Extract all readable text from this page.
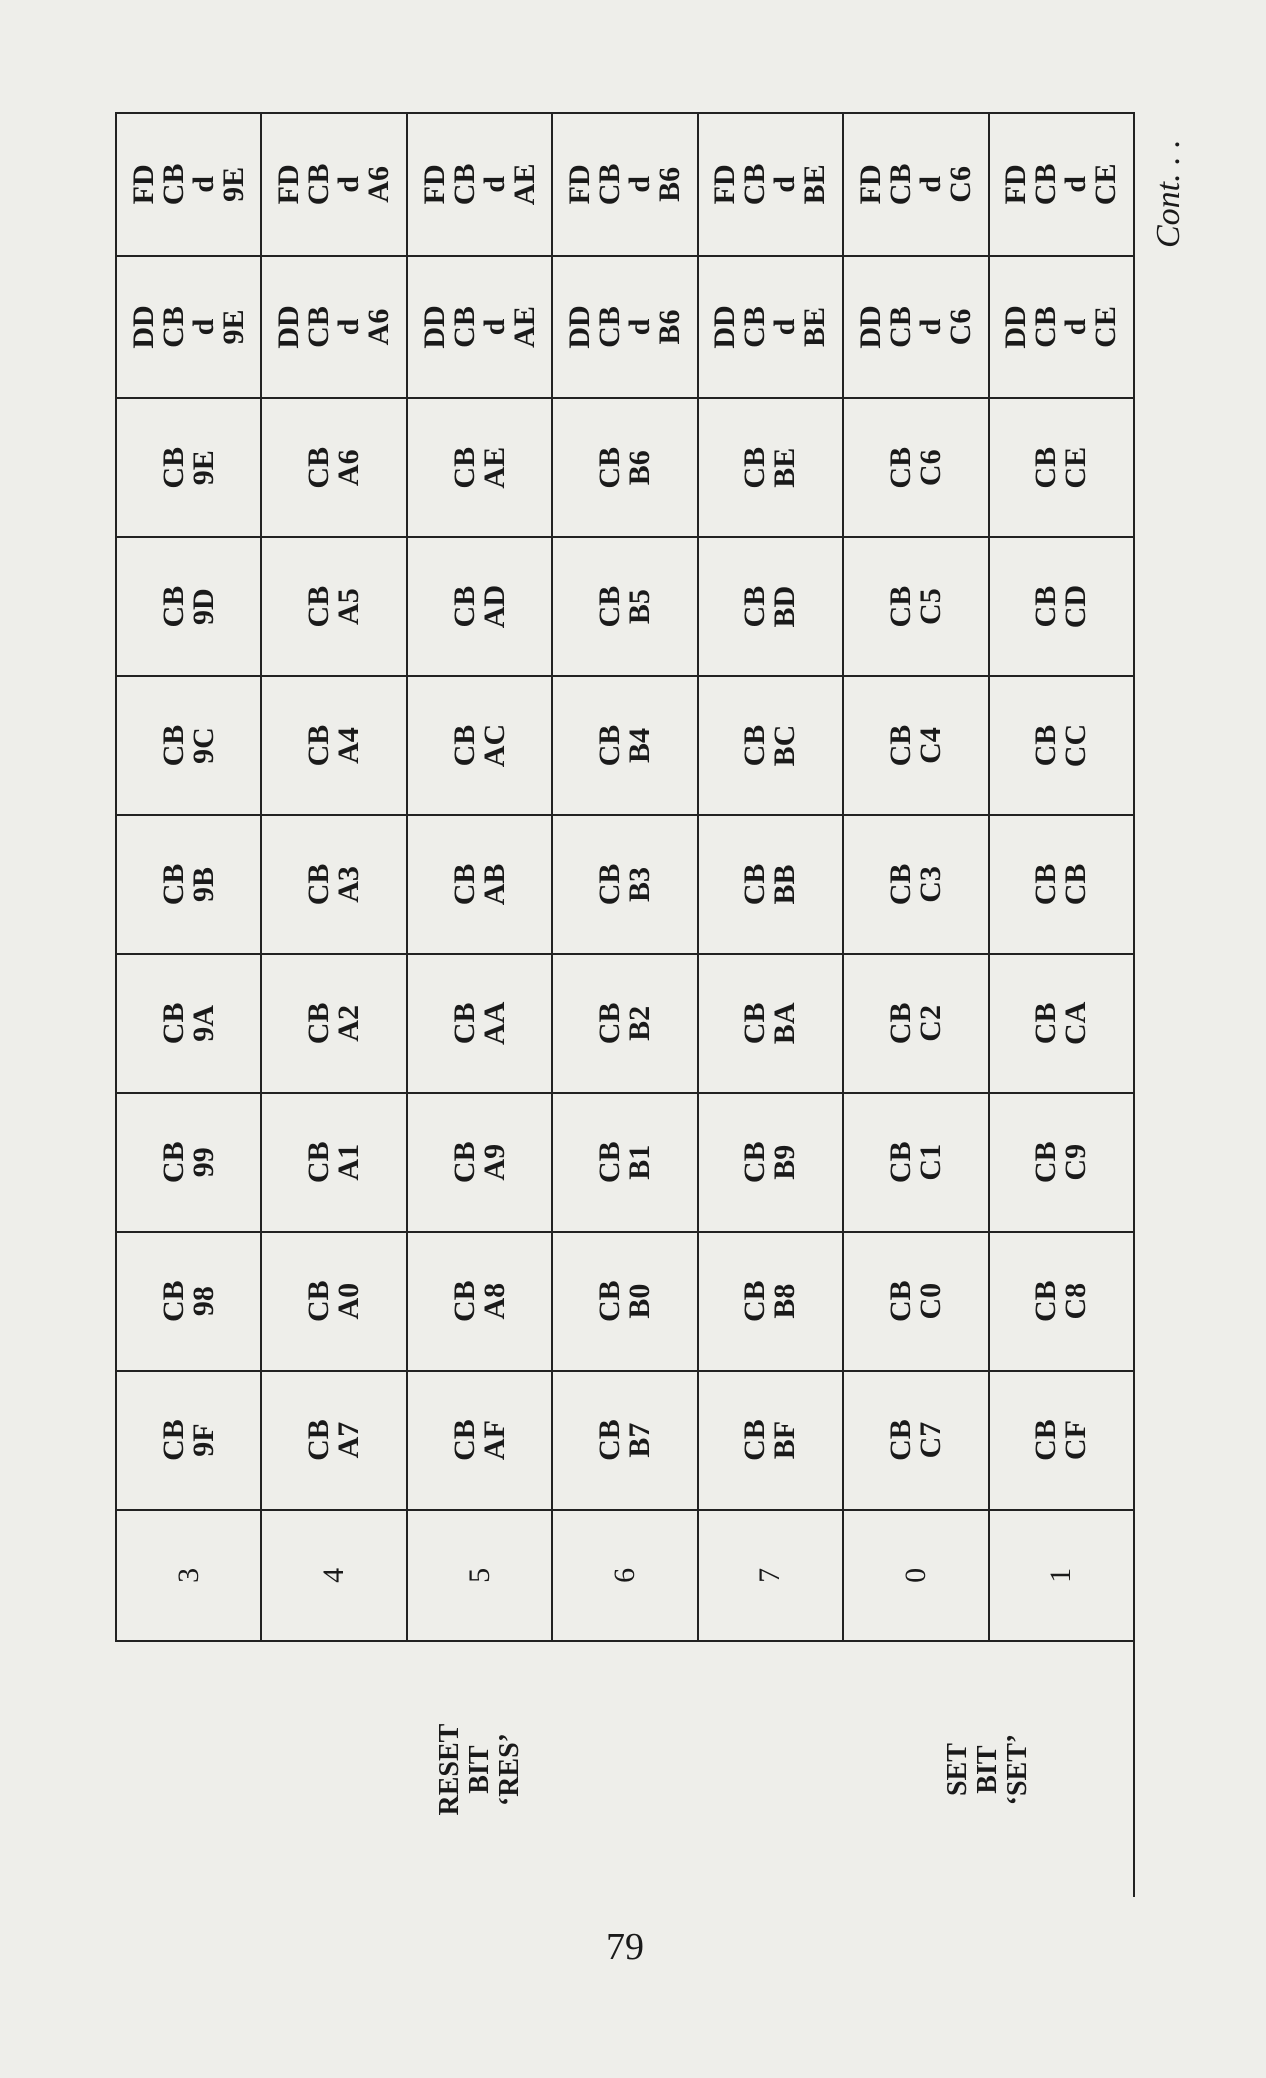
RESET BIT ‘RES’	3	CB
9F	CB
98	CB
99	CB
9A	CB
9B	CB
9C	CB
9D	CB
9E	DD
CB
d
9E	FD
CB
d
9E

	4	CB
A7	CB
A0	CB
A1	CB
A2	CB
A3	CB
A4	CB
A5	CB
A6	DD
CB
d
A6	FD
CB
d
A6

	5	CB
AF	CB
A8	CB
A9	CB
AA	CB
AB	CB
AC	CB
AD	CB
AE	DD
CB
d
AE	FD
CB
d
AE

	6	CB
B7	CB
B0	CB
B1	CB
B2	CB
B3	CB
B4	CB
B5	CB
B6	DD
CB
d
B6	FD
CB
d
B6

	7	CB
BF	CB
B8	CB
B9	CB
BA	CB
BB	CB
BC	CB
BD	CB
BE	DD
CB
d
BE	FD
CB
d
BE

SET BIT ‘SET’	0	CB
C7	CB
C0	CB
C1	CB
C2	CB
C3	CB
C4	CB
C5	CB
C6	DD
CB
d
C6	FD
CB
d
C6

	1	CB
CF	CB
C8	CB
C9	CB
CA	CB
CB	CB
CC	CB
CD	CB
CE	DD
CB
d
CE	FD
CB
d
CE
79
Cont. . .
